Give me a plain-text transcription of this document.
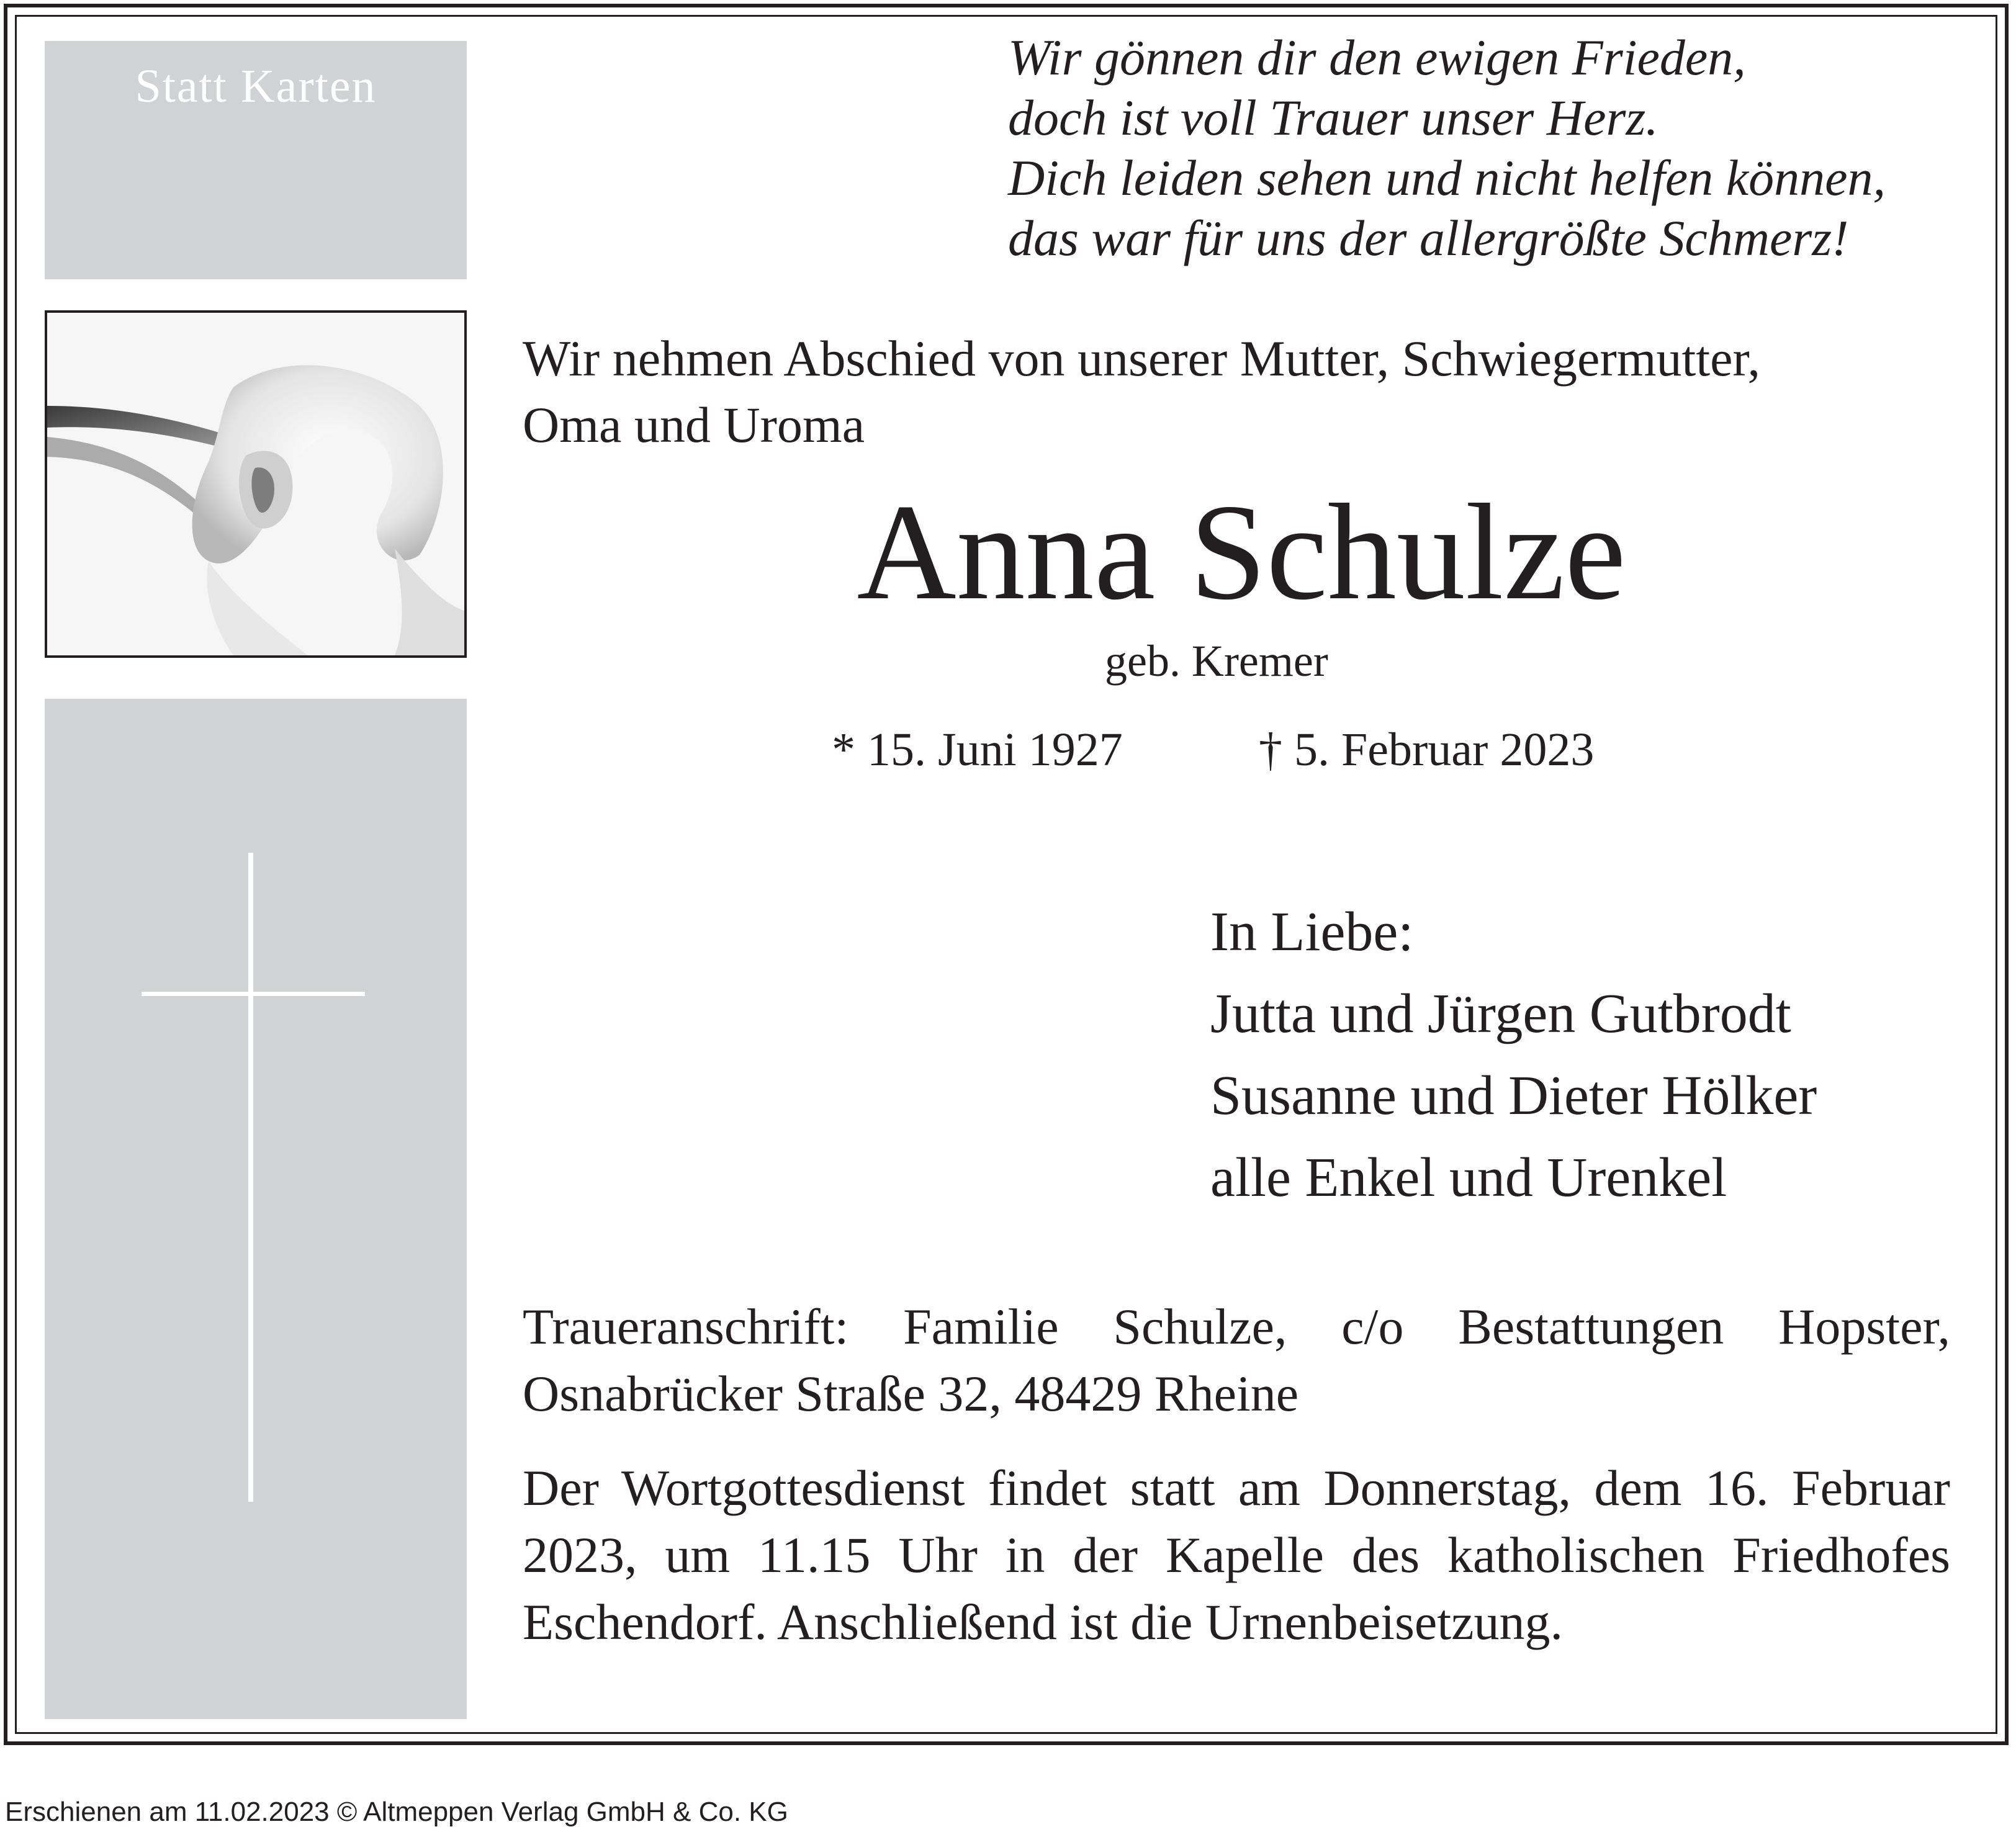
Statt Karten
Wir gönnen dir den ewigen Frieden,
doch ist voll Trauer unser Herz.
Dich leiden sehen und nicht helfen können,
das war für uns der allergrößte Schmerz!
Wir nehmen Abschied von unserer Mutter, Schwiegermutter,
Oma und Uroma
Anna Schulze
geb. Kremer
* 15. Juni 1927	† 5. Februar 2023
In Liebe:
Jutta und Jürgen Gutbrodt
Susanne und Dieter Hölker
alle Enkel und Urenkel
Traueranschrift: Familie Schulze, c/o Bestattungen Hopster, Osnabrücker Straße 32, 48429 Rheine
Der Wortgottesdienst findet statt am Donnerstag, dem 16. Februar 2023, um 11.15 Uhr in der Kapelle des katholischen Friedhofes Eschendorf. Anschließend ist die Urnenbeisetzung.
Erschienen am 11.02.2023 © Altmeppen Verlag GmbH & Co. KG
